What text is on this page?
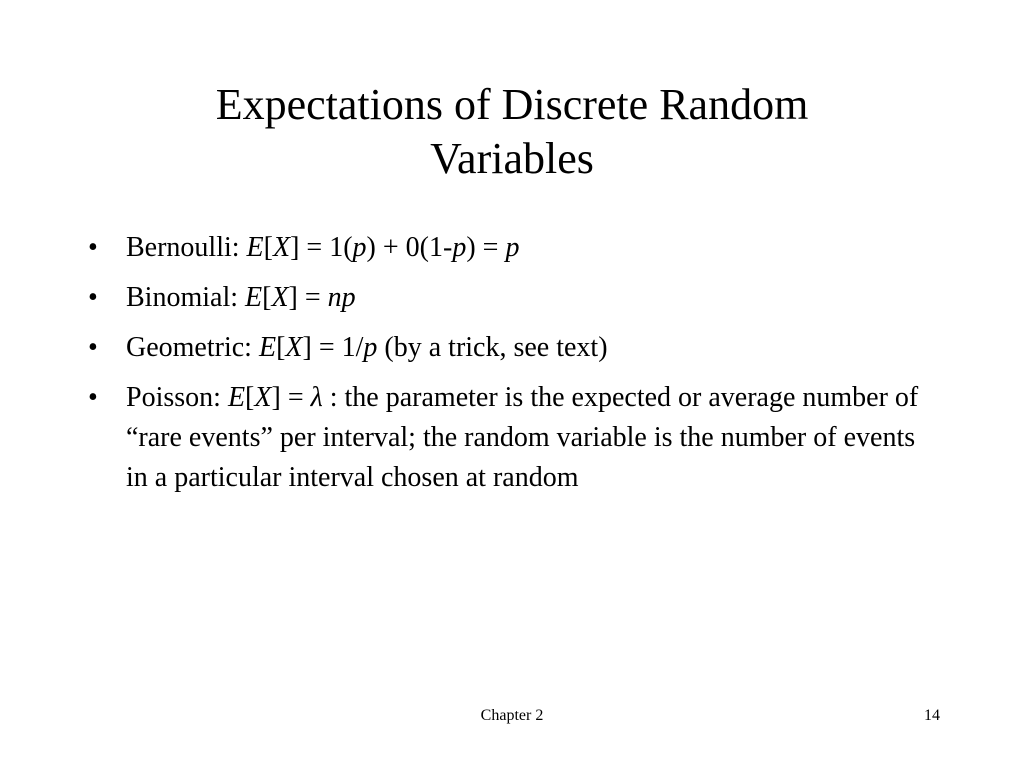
Expectations of Discrete Random
Variables
•	Bernoulli: E[X] = 1(p) + 0(1-p) = p
•	Binomial: E[X] = np
•	Geometric: E[X] = 1/p (by a trick, see text)
•	Poisson: E[X] = λ : the parameter is the expected or average number of “rare events” per interval; the random variable is the number of events in a particular interval chosen at random
Chapter 2	14
